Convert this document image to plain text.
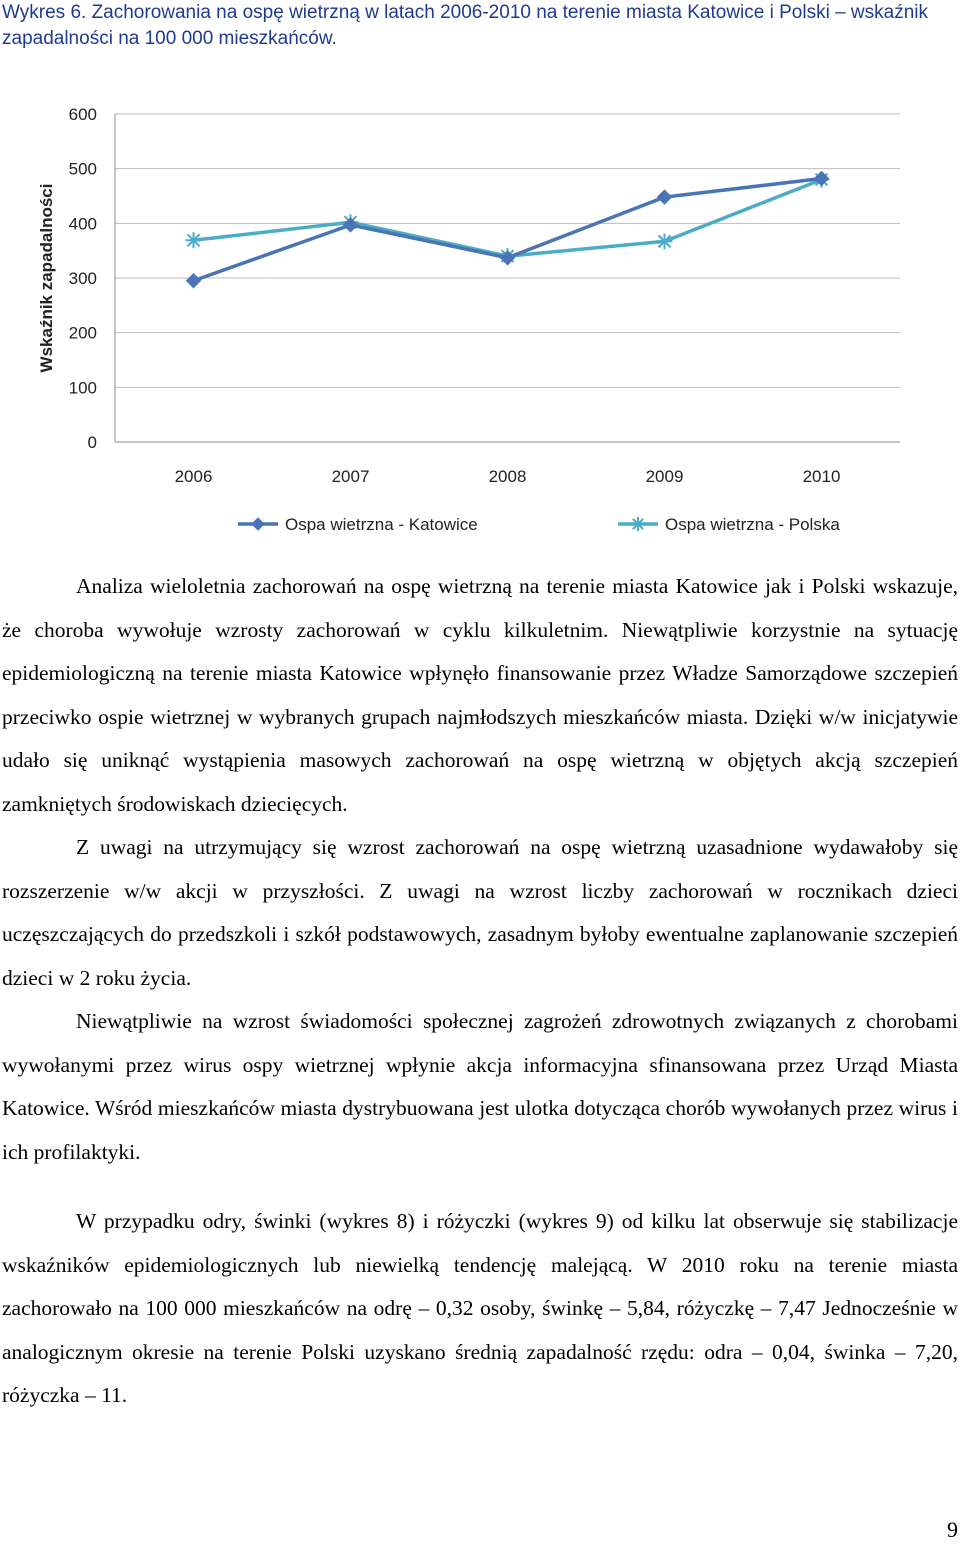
Wykres 6. Zachorowania na ospę wietrzną w latach 2006-2010 na terenie miasta Katowice i Polski – wskaźnik zapadalności na 100 000 mieszkańców.
0
100
200
300
400
500
600
2006	2007	2008	2009	2010
Wskaźnik zapadalności
Ospa wietrzna - Katowice	Ospa wietrzna - Polska

Analiza wieloletnia zachorowań na ospę wietrzną na terenie miasta Katowice jak i Polski wskazuje, że choroba wywołuje wzrosty zachorowań w cyklu kilkuletnim. Niewątpliwie korzystnie na sytuację epidemiologiczną na terenie miasta Katowice wpłynęło finansowanie przez Władze Samorządowe szczepień przeciwko ospie wietrznej w wybranych grupach najmłodszych mieszkańców miasta. Dzięki w/w inicjatywie udało się uniknąć wystąpienia masowych zachorowań na ospę wietrzną w objętych akcją szczepień zamkniętych środowiskach dziecięcych.

Z uwagi na utrzymujący się wzrost zachorowań na ospę wietrzną uzasadnione wydawałoby się rozszerzenie w/w akcji w przyszłości. Z uwagi na wzrost liczby zachorowań w rocznikach dzieci uczęszczających do przedszkoli i szkół podstawowych, zasadnym byłoby ewentualne zaplanowanie szczepień dzieci w 2 roku życia.

Niewątpliwie na wzrost świadomości społecznej zagrożeń zdrowotnych związanych z chorobami wywołanymi przez wirus ospy wietrznej wpłynie akcja informacyjna sfinansowana przez Urząd Miasta Katowice. Wśród mieszkańców miasta dystrybuowana jest ulotka dotycząca chorób wywołanych przez wirus i ich profilaktyki.

W przypadku odry, świnki (wykres 8) i różyczki (wykres 9) od kilku lat obserwuje się stabilizacje wskaźników epidemiologicznych lub niewielką tendencję malejącą. W 2010 roku na terenie miasta zachorowało na 100 000 mieszkańców na odrę – 0,32 osoby, świnkę – 5,84, różyczkę – 7,47 Jednocześnie w analogicznym okresie na terenie Polski uzyskano średnią zapadalność rzędu: odra – 0,04, świnka – 7,20, różyczka – 11.

9
